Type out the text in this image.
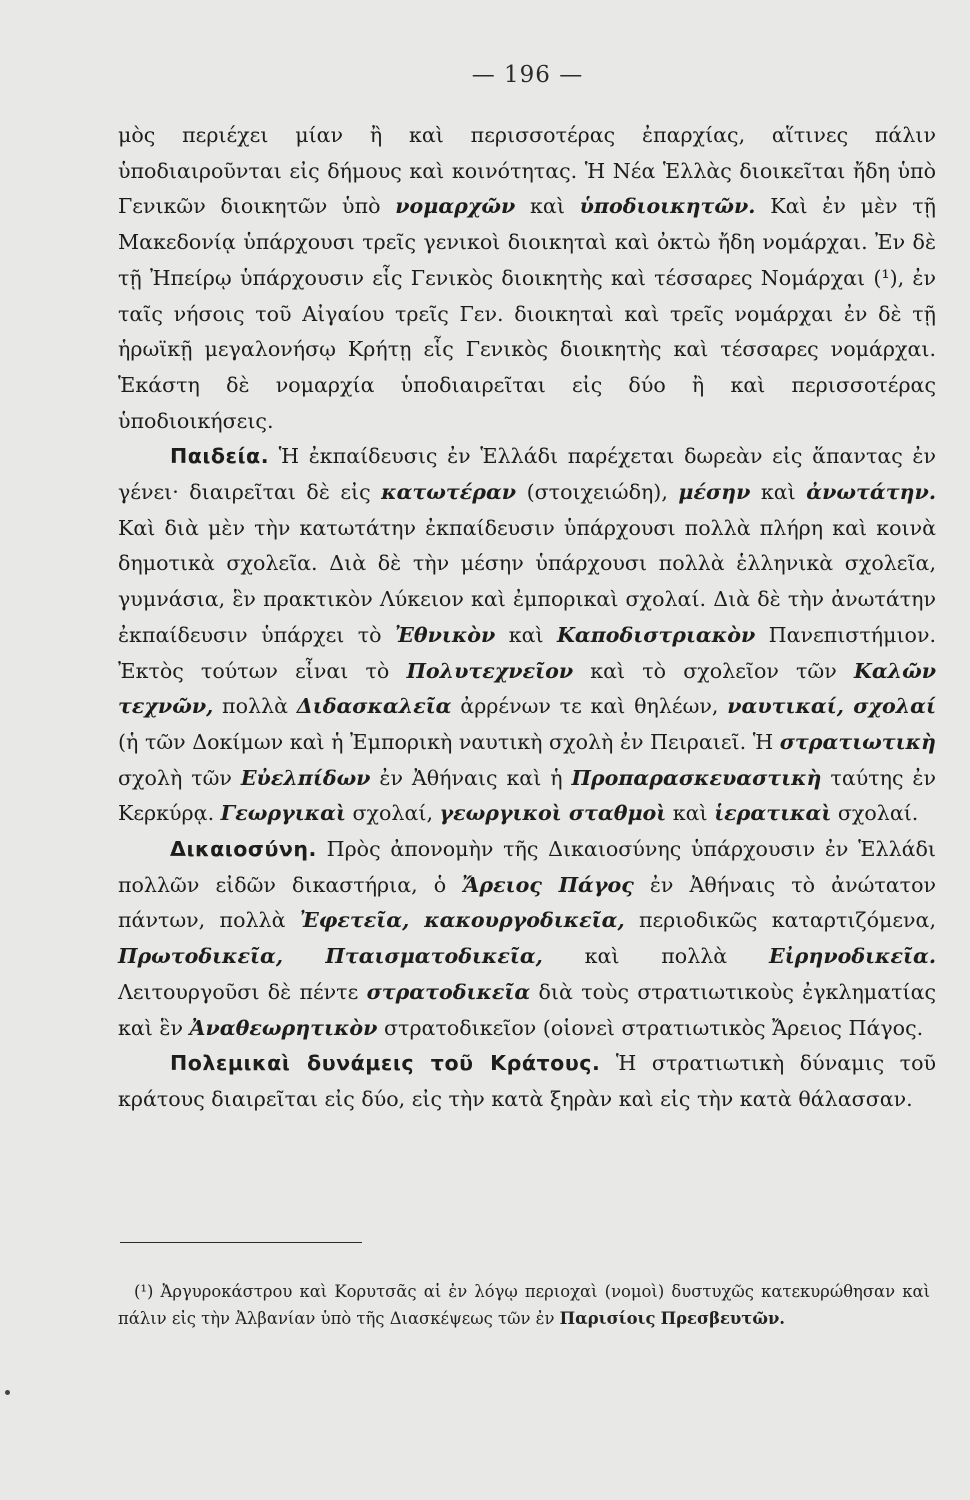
— 196 —

μὸς περιέχει μίαν ἢ καὶ περισσοτέρας ἐπαρχίας, αἵτινες πάλιν ὑποδιαιροῦνται εἰς δήμους καὶ κοινότητας. Ἡ Νέα Ἑλλὰς διοικεῖται ἤδη ὑπὸ Γενικῶν διοικητῶν ὑπὸ νομαρχῶν καὶ ὑποδιοικητῶν. Καὶ ἐν μὲν τῇ Μακεδονίᾳ ὑπάρχουσι τρεῖς γενικοὶ διοικηταὶ καὶ ὀκτὼ ἤδη νομάρχαι. Ἐν δὲ τῇ Ἠπείρῳ ὑπάρχουσιν εἷς Γενικὸς διοικητὴς καὶ τέσσαρες Νομάρχαι (¹), ἐν ταῖς νήσοις τοῦ Αἰγαίου τρεῖς Γεν. διοικηταὶ καὶ τρεῖς νομάρχαι ἐν δὲ τῇ ἡρωϊκῇ μεγαλονήσῳ Κρήτῃ εἷς Γενικὸς διοικητὴς καὶ τέσσαρες νομάρχαι. Ἑκάστη δὲ νομαρχία ὑποδιαιρεῖται εἰς δύο ἢ καὶ περισσοτέρας ὑποδιοικήσεις.

Παιδεία. Ἡ ἐκπαίδευσις ἐν Ἑλλάδι παρέχεται δωρεὰν εἰς ἅπαντας ἐν γένει· διαιρεῖται δὲ εἰς κατωτέραν (στοιχειώδη), μέσην καὶ ἀνωτάτην. Καὶ διὰ μὲν τὴν κατωτάτην ἐκπαίδευσιν ὑπάρχουσι πολλὰ πλήρη καὶ κοινὰ δημοτικὰ σχολεῖα. Διὰ δὲ τὴν μέσην ὑπάρχουσι πολλὰ ἑλληνικὰ σχολεῖα, γυμνάσια, ἓν πρακτικὸν Λύκειον καὶ ἐμπορικαὶ σχολαί. Διὰ δὲ τὴν ἀνωτάτην ἐκπαίδευσιν ὑπάρχει τὸ Ἐθνικὸν καὶ Καποδιστριακὸν Πανεπιστήμιον. Ἐκτὸς τούτων εἶναι τὸ Πολυτεχνεῖον καὶ τὸ σχολεῖον τῶν Καλῶν τεχνῶν, πολλὰ Διδασκαλεῖα ἀρρένων τε καὶ θηλέων, ναυτικαί, σχολαί (ἡ τῶν Δοκίμων καὶ ἡ Ἐμπορικὴ ναυτικὴ σχολὴ ἐν Πειραιεῖ. Ἡ στρατιωτικὴ σχολὴ τῶν Εὐελπίδων ἐν Ἀθήναις καὶ ἡ Προπαρασκευαστικὴ ταύτης ἐν Κερκύρᾳ. Γεωργικαὶ σχολαί, γεωργικοὶ σταθμοὶ καὶ ἱερατικαὶ σχολαί.

Δικαιοσύνη. Πρὸς ἀπονομὴν τῆς Δικαιοσύνης ὑπάρχουσιν ἐν Ἑλλάδι πολλῶν εἰδῶν δικαστήρια, ὁ Ἄρειος Πάγος ἐν Ἀθήναις τὸ ἀνώτατον πάντων, πολλὰ Ἐφετεῖα, κακουργοδικεῖα, περιοδικῶς καταρτιζόμενα, Πρωτοδικεῖα, Πταισματοδικεῖα, καὶ πολλὰ Εἰρηνοδικεῖα. Λειτουργοῦσι δὲ πέντε στρατοδικεῖα διὰ τοὺς στρατιωτικοὺς ἐγκληματίας καὶ ἓν Ἀναθεωρητικὸν στρατοδικεῖον (οἱονεὶ στρατιωτικὸς Ἄρειος Πάγος.

Πολεμικαὶ δυνάμεις τοῦ Κράτους. Ἡ στρατιωτικὴ δύναμις τοῦ κράτους διαιρεῖται εἰς δύο, εἰς τὴν κατὰ ξηρὰν καὶ εἰς τὴν κατὰ θάλασσαν.

(¹) Ἀργυροκάστρου καὶ Κορυτσᾶς αἱ ἐν λόγῳ περιοχαὶ (νομοὶ) δυστυχῶς κατεκυρώθησαν καὶ πάλιν εἰς τὴν Ἀλβανίαν ὑπὸ τῆς Διασκέψεως τῶν ἐν Παρισίοις Πρεσβευτῶν.
